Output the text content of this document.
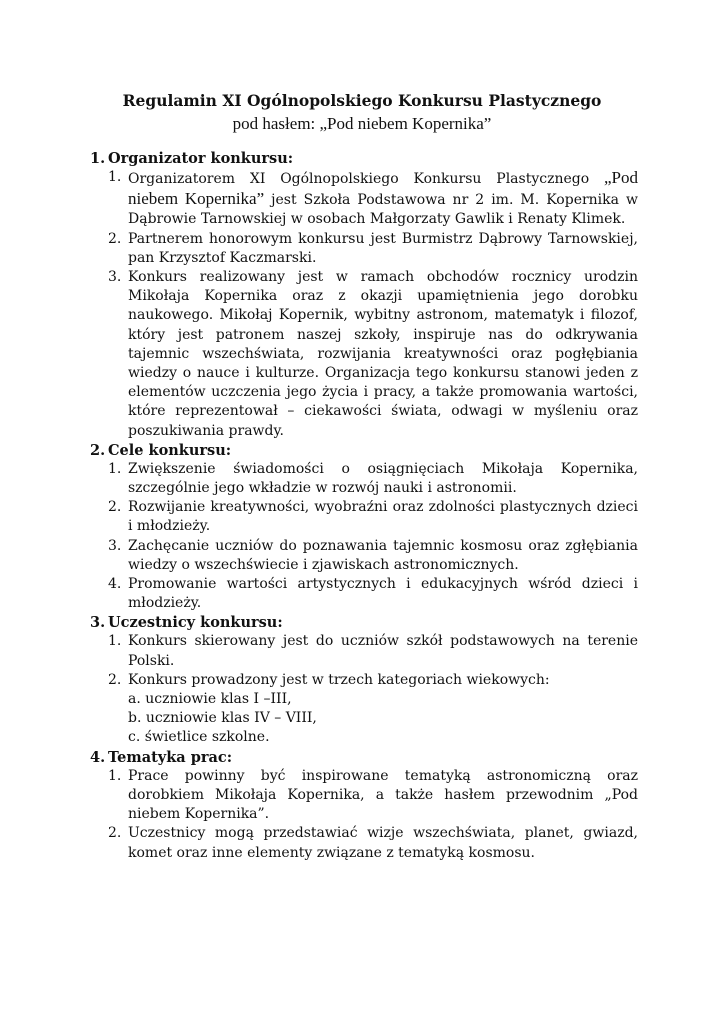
Regulamin XI Ogólnopolskiego Konkursu Plastycznego
pod hasłem: „Pod niebem Kopernika”
1. Organizator konkursu:
1. Organizatorem XI Ogólnopolskiego Konkursu Plastycznego „Pod niebem Kopernika” jest Szkoła Podstawowa nr 2 im. M. Kopernika w Dąbrowie Tarnowskiej w osobach Małgorzaty Gawlik i Renaty Klimek.
2. Partnerem honorowym konkursu jest Burmistrz Dąbrowy Tarnowskiej, pan Krzysztof Kaczmarski.
3. Konkurs realizowany jest w ramach obchodów rocznicy urodzin Mikołaja Kopernika oraz z okazji upamiętnienia jego dorobku naukowego. Mikołaj Kopernik, wybitny astronom, matematyk i filozof, który jest patronem naszej szkoły, inspiruje nas do odkrywania tajemnic wszechświata, rozwijania kreatywności oraz pogłębiania wiedzy o nauce i kulturze. Organizacja tego konkursu stanowi jeden z elementów uczczenia jego życia i pracy, a także promowania wartości, które reprezentował – ciekawości świata, odwagi w myśleniu oraz poszukiwania prawdy.
2. Cele konkursu:
1. Zwiększenie świadomości o osiągnięciach Mikołaja Kopernika, szczególnie jego wkładzie w rozwój nauki i astronomii.
2. Rozwijanie kreatywności, wyobraźni oraz zdolności plastycznych dzieci i młodzieży.
3. Zachęcanie uczniów do poznawania tajemnic kosmosu oraz zgłębiania wiedzy o wszechświecie i zjawiskach astronomicznych.
4. Promowanie wartości artystycznych i edukacyjnych wśród dzieci i młodzieży.
3. Uczestnicy konkursu:
1. Konkurs skierowany jest do uczniów szkół podstawowych na terenie Polski.
2. Konkurs prowadzony jest w trzech kategoriach wiekowych:
a. uczniowie klas I –III,
b. uczniowie klas IV – VIII,
c. świetlice szkolne.
4. Tematyka prac:
1. Prace powinny być inspirowane tematyką astronomiczną oraz dorobkiem Mikołaja Kopernika, a także hasłem przewodnim „Pod niebem Kopernika”.
2. Uczestnicy mogą przedstawiać wizje wszechświata, planet, gwiazd, komet oraz inne elementy związane z tematyką kosmosu.
